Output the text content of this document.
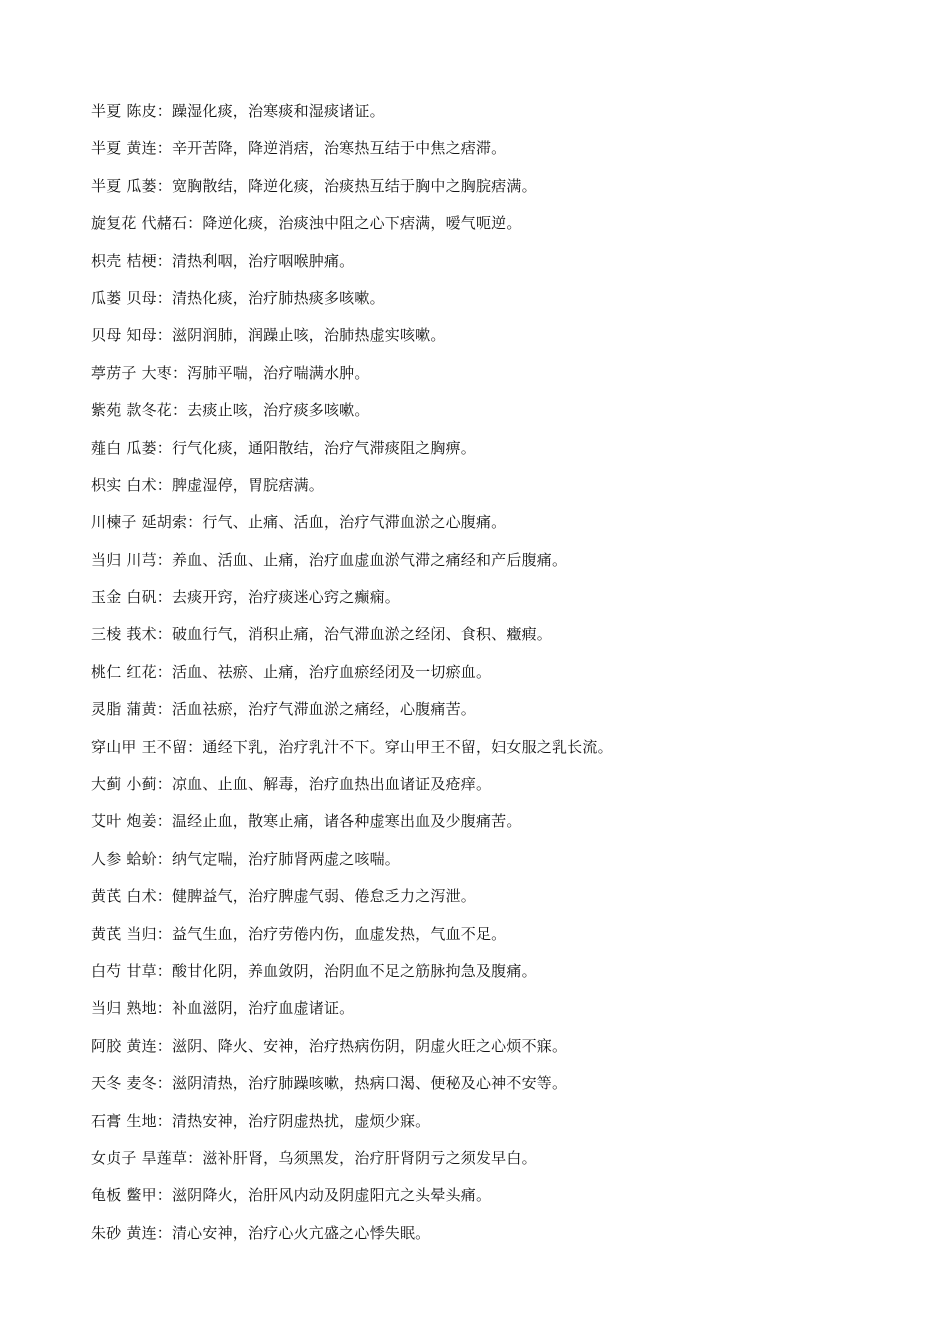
半夏 陈皮：躁湿化痰，治寒痰和湿痰诸证。
半夏 黄连：辛开苦降，降逆消痞，治寒热互结于中焦之痞滞。
半夏 瓜蒌：宽胸散结，降逆化痰，治痰热互结于胸中之胸脘痞满。
旋复花 代赭石：降逆化痰，治痰浊中阻之心下痞满，嗳气呃逆。
枳壳 桔梗：清热利咽，治疗咽喉肿痛。
瓜蒌 贝母：清热化痰，治疗肺热痰多咳嗽。
贝母 知母：滋阴润肺，润躁止咳，治肺热虚实咳嗽。
葶苈子 大枣：泻肺平喘，治疗喘满水肿。
紫苑 款冬花：去痰止咳，治疗痰多咳嗽。
薤白 瓜蒌：行气化痰，通阳散结，治疗气滞痰阻之胸痹。
枳实 白术：脾虚湿停，胃脘痞满。
川楝子 延胡索：行气、止痛、活血，治疗气滞血淤之心腹痛。
当归 川芎：养血、活血、止痛，治疗血虚血淤气滞之痛经和产后腹痛。
玉金 白矾：去痰开窍，治疗痰迷心窍之癫痫。
三棱 莪术：破血行气，消积止痛，治气滞血淤之经闭、食积、癥瘕。
桃仁 红花：活血、祛瘀、止痛，治疗血瘀经闭及一切瘀血。
灵脂 蒲黄：活血祛瘀，治疗气滞血淤之痛经，心腹痛苦。
穿山甲 王不留：通经下乳，治疗乳汁不下。穿山甲王不留，妇女服之乳长流。
大蓟 小蓟：凉血、止血、解毒，治疗血热出血诸证及疮痒。
艾叶 炮姜：温经止血，散寒止痛，诸各种虚寒出血及少腹痛苦。
人参 蛤蚧：纳气定喘，治疗肺肾两虚之咳喘。
黄芪 白术：健脾益气，治疗脾虚气弱、倦怠乏力之泻泄。
黄芪 当归：益气生血，治疗劳倦内伤，血虚发热，气血不足。
白芍 甘草：酸甘化阴，养血敛阴，治阴血不足之筋脉拘急及腹痛。
当归 熟地：补血滋阴，治疗血虚诸证。
阿胶 黄连：滋阴、降火、安神，治疗热病伤阴，阴虚火旺之心烦不寐。
天冬 麦冬：滋阴清热，治疗肺躁咳嗽，热病口渴、便秘及心神不安等。
石膏 生地：清热安神，治疗阴虚热扰，虚烦少寐。
女贞子 旱莲草：滋补肝肾，乌须黑发，治疗肝肾阴亏之须发早白。
龟板 鳖甲：滋阴降火，治肝风内动及阴虚阳亢之头晕头痛。
朱砂 黄连：清心安神，治疗心火亢盛之心悸失眠。
